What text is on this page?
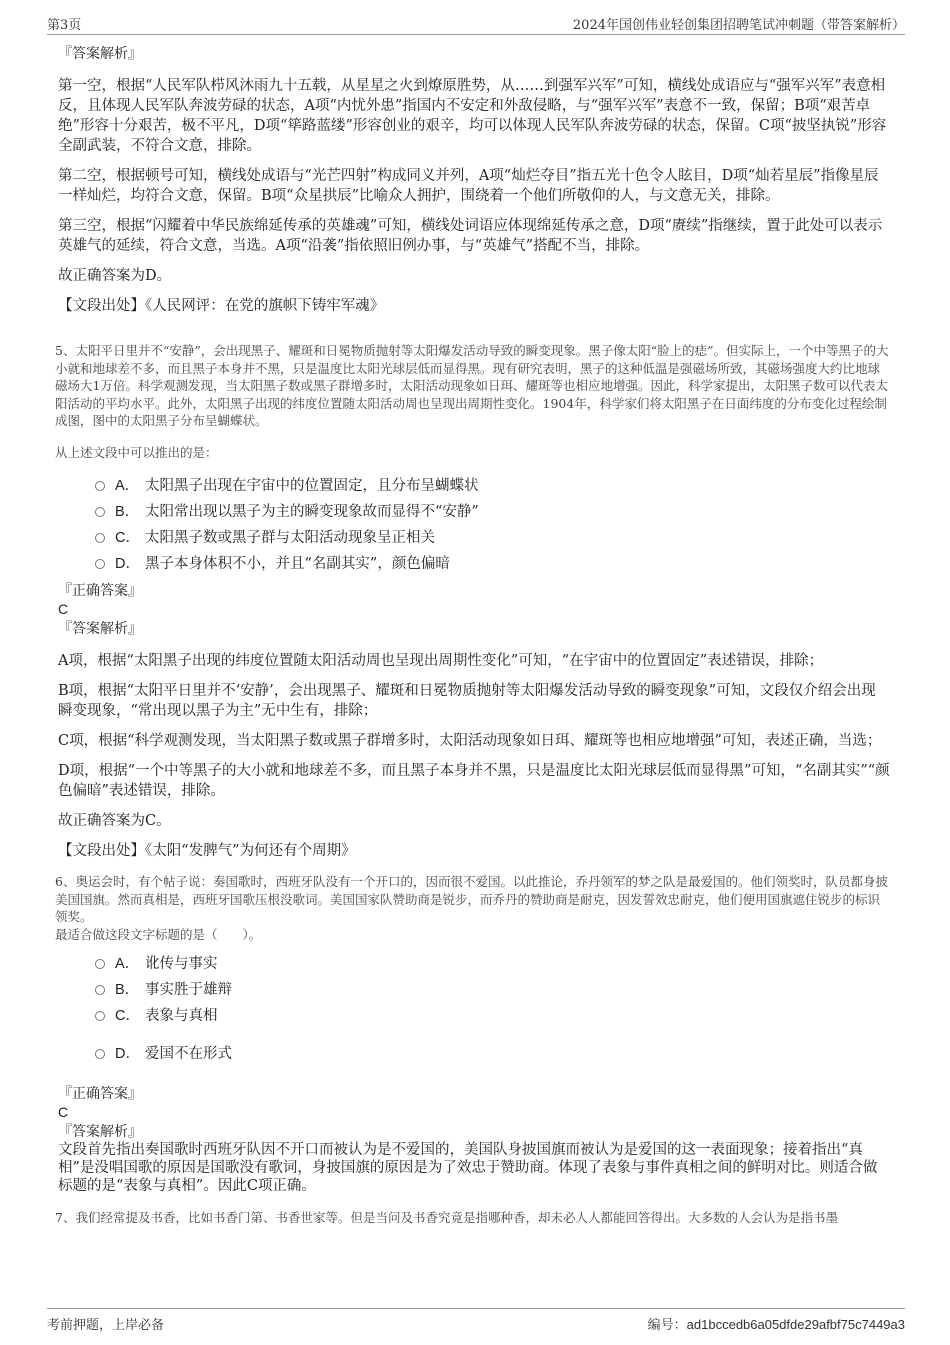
第3页	2024年国创伟业轻创集团招聘笔试冲刺题（带答案解析）

『答案解析』

第一空，根据“人民军队栉风沐雨九十五载，从星星之火到燎原胜势，从……到强军兴军”可知，横线处成语应与“强军兴军”表意相反，且体现人民军队奔波劳碌的状态，A项“内忧外患”指国内不安定和外敌侵略，与“强军兴军”表意不一致，保留；B项“艰苦卓绝”形容十分艰苦，极不平凡，D项“筚路蓝缕”形容创业的艰辛，均可以体现人民军队奔波劳碌的状态，保留。C项“披坚执锐”形容全副武装，不符合文意，排除。

第二空，根据顿号可知，横线处成语与“光芒四射”构成同义并列，A项“灿烂夺目”指五光十色令人眩目，D项“灿若星辰”指像星辰一样灿烂，均符合文意，保留。B项“众星拱辰”比喻众人拥护，围绕着一个他们所敬仰的人，与文意无关，排除。

第三空，根据“闪耀着中华民族绵延传承的英雄魂”可知，横线处词语应体现绵延传承之意，D项“赓续”指继续，置于此处可以表示英雄气的延续，符合文意，当选。A项“沿袭”指依照旧例办事，与“英雄气”搭配不当，排除。

故正确答案为D。

【文段出处】《人民网评：在党的旗帜下铸牢军魂》

5、太阳平日里并不“安静”，会出现黑子、耀斑和日冕物质抛射等太阳爆发活动导致的瞬变现象。黑子像太阳“脸上的痣”。但实际上，一个中等黑子的大小就和地球差不多，而且黑子本身并不黑，只是温度比太阳光球层低而显得黑。现有研究表明，黑子的这种低温是强磁场所致，其磁场强度大约比地球磁场大1万倍。科学观测发现，当太阳黑子数或黑子群增多时，太阳活动现象如日珥、耀斑等也相应地增强。因此，科学家提出，太阳黑子数可以代表太阳活动的平均水平。此外，太阳黑子出现的纬度位置随太阳活动周也呈现出周期性变化。1904年，科学家们将太阳黑子在日面纬度的分布变化过程绘制成图，图中的太阳黑子分布呈蝴蝶状。

从上述文段中可以推出的是：

A． 太阳黑子出现在宇宙中的位置固定，且分布呈蝴蝶状
B． 太阳常出现以黑子为主的瞬变现象故而显得不“安静”
C． 太阳黑子数或黑子群与太阳活动现象呈正相关
D． 黑子本身体积不小，并且“名副其实”，颜色偏暗

『正确答案』

C

『答案解析』

A项，根据“太阳黑子出现的纬度位置随太阳活动周也呈现出周期性变化”可知，“在宇宙中的位置固定”表述错误，排除；

B项，根据“太阳平日里并不‘安静’，会出现黑子、耀斑和日冕物质抛射等太阳爆发活动导致的瞬变现象”可知，文段仅介绍会出现瞬变现象，“常出现以黑子为主”无中生有，排除；

C项，根据“科学观测发现，当太阳黑子数或黑子群增多时，太阳活动现象如日珥、耀斑等也相应地增强”可知，表述正确，当选；

D项，根据“一个中等黑子的大小就和地球差不多，而且黑子本身并不黑，只是温度比太阳光球层低而显得黑”可知，“名副其实”“颜色偏暗”表述错误，排除。

故正确答案为C。

【文段出处】《太阳“发脾气”为何还有个周期》

6、奥运会时，有个帖子说：奏国歌时，西班牙队没有一个开口的，因而很不爱国。以此推论，乔丹领军的梦之队是最爱国的。他们领奖时，队员都身披美国国旗。然而真相是，西班牙国歌压根没歌词。美国国家队赞助商是锐步，而乔丹的赞助商是耐克，因发誓效忠耐克，他们便用国旗遮住锐步的标识领奖。

最适合做这段文字标题的是（　　）。

A． 讹传与事实
B． 事实胜于雄辩
C． 表象与真相
D． 爱国不在形式

『正确答案』

C

『答案解析』

文段首先指出奏国歌时西班牙队因不开口而被认为是不爱国的，美国队身披国旗而被认为是爱国的这一表面现象；接着指出“真相”是没唱国歌的原因是国歌没有歌词，身披国旗的原因是为了效忠于赞助商。体现了表象与事件真相之间的鲜明对比。则适合做标题的是“表象与真相”。因此C项正确。

7、我们经常提及书香，比如书香门第、书香世家等。但是当问及书香究竟是指哪种香，却未必人人都能回答得出。大多数的人会认为是指书墨

考前押题，上岸必备	编号：ad1bccedb6a05dfde29afbf75c7449a3
